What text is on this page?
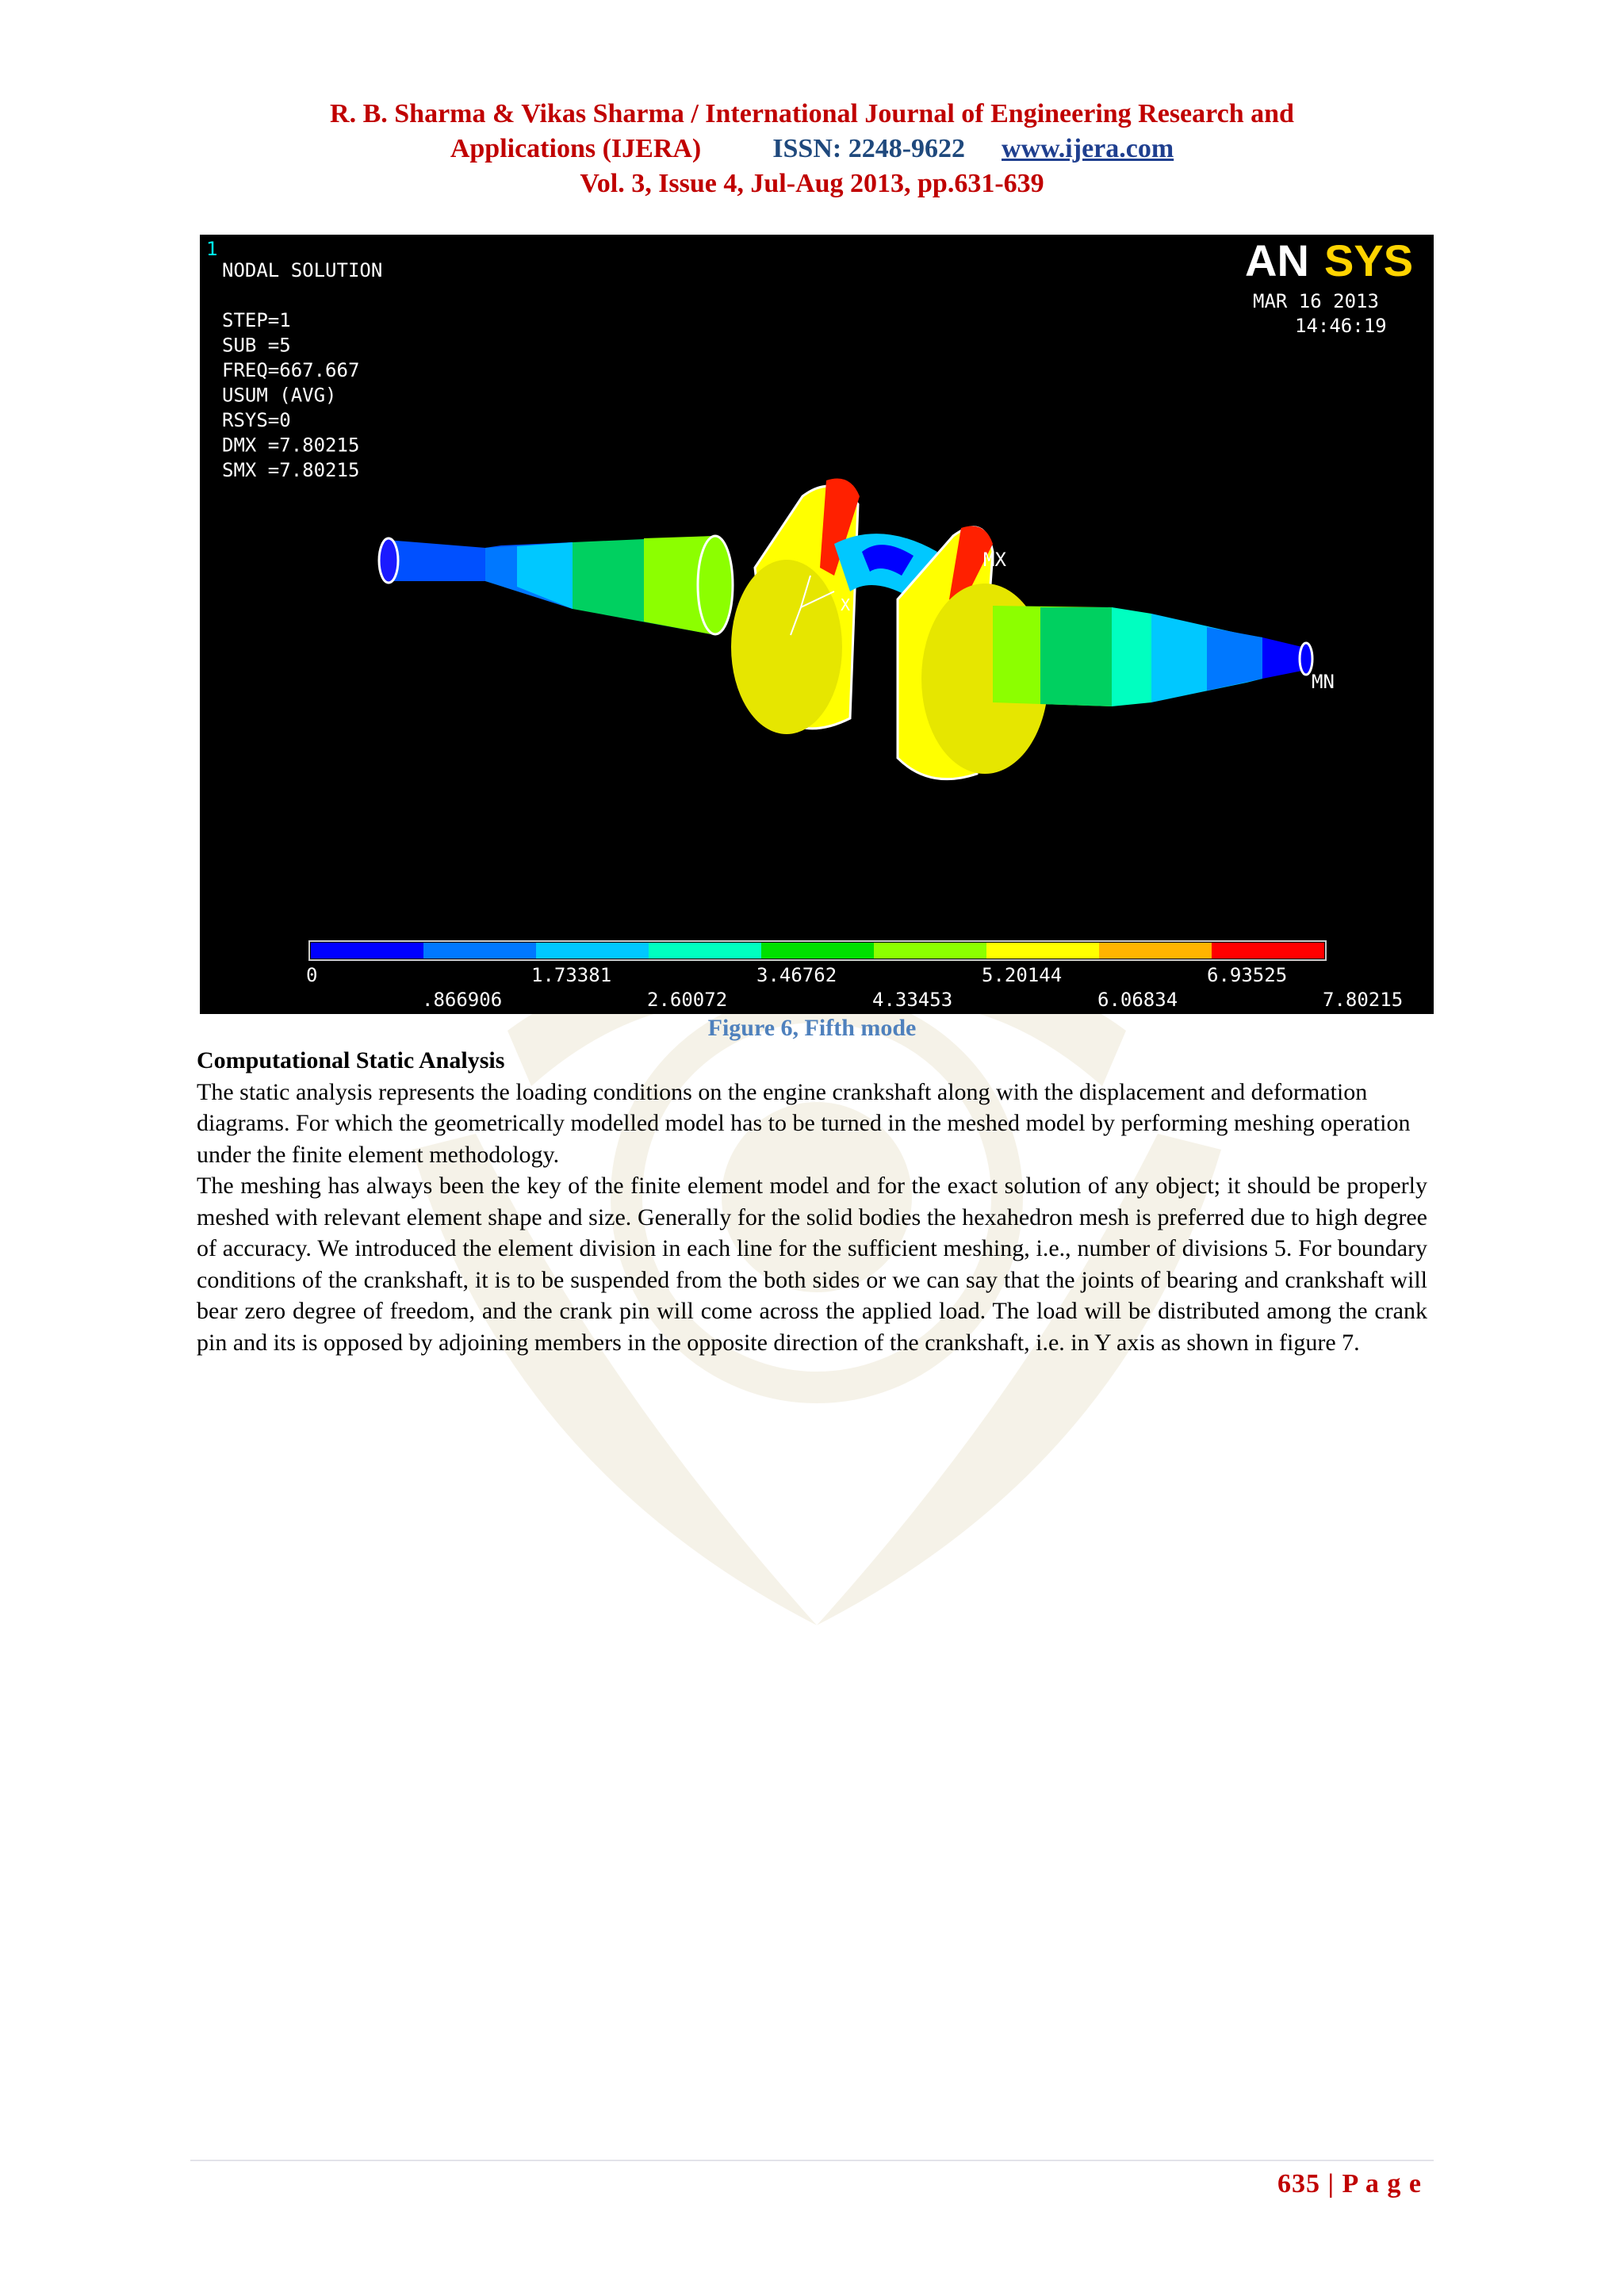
R. B. Sharma & Vikas Sharma / International Journal of Engineering Research and
Applications (IJERA)	ISSN: 2248-9622 www.ijera.com
Vol. 3, Issue 4, Jul-Aug 2013, pp.631-639
1
NODAL SOLUTION
STEP=1
SUB =5
FREQ=667.667
USUM (AVG)
RSYS=0
DMX =7.80215
SMX =7.80215
AN SYS
MAR 16 2013
14:46:19
MX
MN
X
0	1.73381	3.46762	5.20144	6.93525
.866906	2.60072	4.33453	6.06834	7.80215
Figure 6, Fifth mode

Computational Static Analysis

The static analysis represents the loading conditions on the engine crankshaft along with the displacement and deformation diagrams. For which the geometrically modelled model has to be turned in the meshed model by performing meshing operation under the finite element methodology.

The meshing has always been the key of the finite element model and for the exact solution of any object; it should be properly meshed with relevant element shape and size. Generally for the solid bodies the hexahedron mesh is preferred due to high degree of accuracy. We introduced the element division in each line for the sufficient meshing, i.e., number of divisions 5. For boundary conditions of the crankshaft, it is to be suspended from the both sides or we can say that the joints of bearing and crankshaft will bear zero degree of freedom, and the crank pin will come across the applied load. The load will be distributed among the crank pin and its is opposed by adjoining members in the opposite direction of the crankshaft, i.e. in Y axis as shown in figure 7.

635 | P a g e
